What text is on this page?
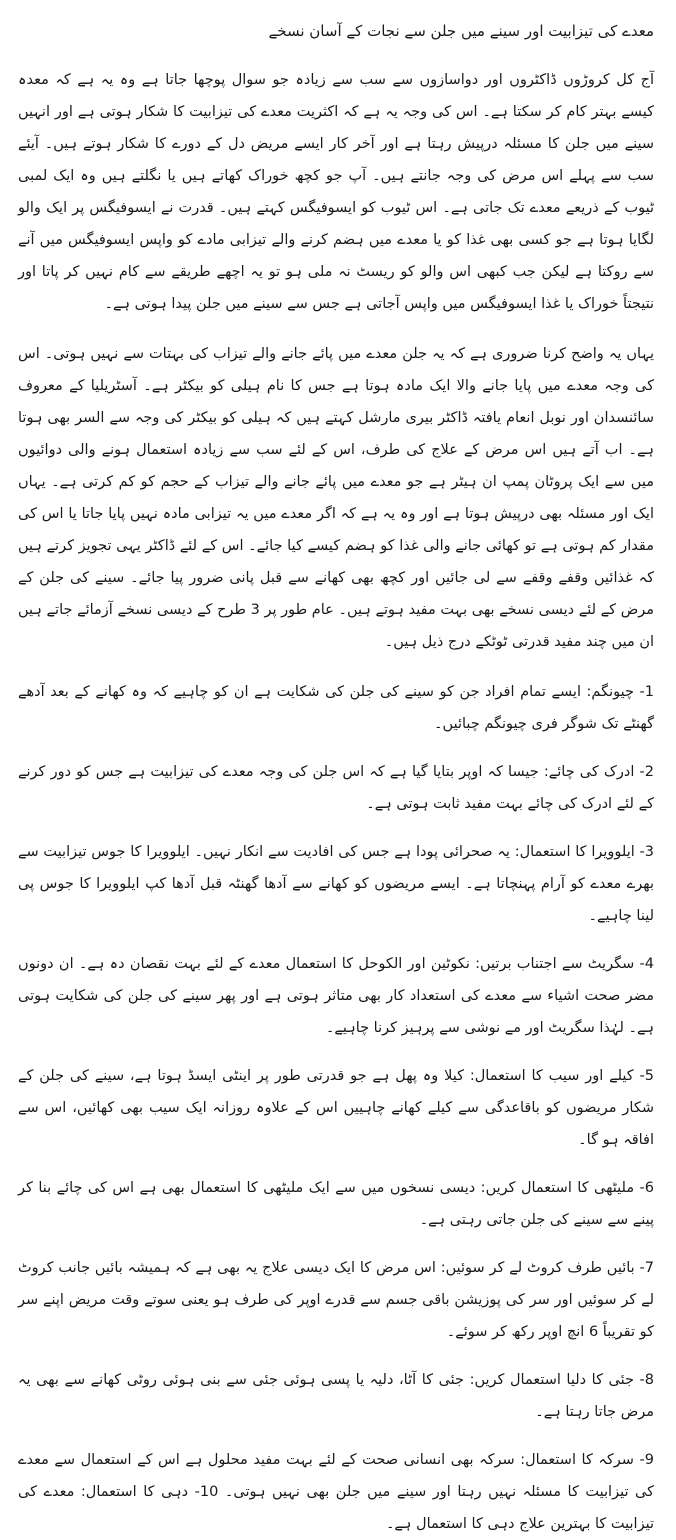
معدے کی تیزابیت اور سینے میں جلن سے نجات کے آسان نسخے

آج کل کروڑوں ڈاکٹروں اور دواسازوں سے سب سے زیادہ جو سوال پوچھا جاتا ہے وہ یہ ہے کہ معدہ کیسے بہتر کام کر سکتا ہے۔ اس کی وجہ یہ ہے کہ اکثریت معدے کی تیزابیت کا شکار ہوتی ہے اور انہیں سینے میں جلن کا مسئلہ درپیش رہتا ہے اور آخر کار ایسے مریض دل کے دورے کا شکار ہوتے ہیں۔ آیئے سب سے پہلے اس مرض کی وجہ جانتے ہیں۔ آپ جو کچھ خوراک کھاتے ہیں یا نگلتے ہیں وہ ایک لمبی ٹیوب کے ذریعے معدے تک جاتی ہے۔ اس ٹیوب کو ایسوفیگس کہتے ہیں۔ قدرت نے ایسوفیگس پر ایک والو لگایا ہوتا ہے جو کسی بھی غذا کو یا معدے میں ہضم کرنے والے تیزابی مادے کو واپس ایسوفیگس میں آنے سے روکتا ہے لیکن جب کبھی اس والو کو ریسٹ نہ ملی ہو تو یہ اچھے طریقے سے کام نہیں کر پاتا اور نتیجتاً خوراک یا غذا ایسوفیگس میں واپس آجاتی ہے جس سے سینے میں جلن پیدا ہوتی ہے۔

یہاں یہ واضح کرنا ضروری ہے کہ یہ جلن معدے میں پائے جانے والے تیزاب کی بہتات سے نہیں ہوتی۔ اس کی وجہ معدے میں پایا جانے والا ایک مادہ ہوتا ہے جس کا نام ہیلی کو بیکٹر ہے۔ آسٹریلیا کے معروف سائنسدان اور نوبل انعام یافتہ ڈاکٹر بیری مارشل کہتے ہیں کہ ہیلی کو بیکٹر کی وجہ سے السر بھی ہوتا ہے۔ اب آتے ہیں اس مرض کے علاج کی طرف، اس کے لئے سب سے زیادہ استعمال ہونے والی دوائیوں میں سے ایک پروٹان پمپ ان ہیٹر ہے جو معدے میں پائے جانے والے تیزاب کے حجم کو کم کرتی ہے۔ یہاں ایک اور مسئلہ بھی درپیش ہوتا ہے اور وہ یہ ہے کہ اگر معدے میں یہ تیزابی مادہ نہیں پایا جاتا یا اس کی مقدار کم ہوتی ہے تو کھائی جانے والی غذا کو ہضم کیسے کیا جائے۔ اس کے لئے ڈاکٹر یہی تجویز کرتے ہیں کہ غذائیں وقفے وقفے سے لی جائیں اور کچھ بھی کھانے سے قبل پانی ضرور پیا جائے۔ سینے کی جلن کے مرض کے لئے دیسی نسخے بھی بہت مفید ہوتے ہیں۔ عام طور پر 3 طرح کے دیسی نسخے آزمائے جاتے ہیں ان میں چند مفید قدرتی ٹوٹکے درج ذیل ہیں۔

1- چیونگم: ایسے تمام افراد جن کو سینے کی جلن کی شکایت ہے ان کو چاہیے کہ وہ کھانے کے بعد آدھے گھنٹے تک شوگر فری چیونگم چبائیں۔

2- ادرک کی چائے: جیسا کہ اوپر بتایا گیا ہے کہ اس جلن کی وجہ معدے کی تیزابیت ہے جس کو دور کرنے کے لئے ادرک کی چائے بہت مفید ثابت ہوتی ہے۔

3- ایلوویرا کا استعمال: یہ صحرائی پودا ہے جس کی افادیت سے انکار نہیں۔ ایلوویرا کا جوس تیزابیت سے بھرے معدے کو آرام پہنچاتا ہے۔ ایسے مریضوں کو کھانے سے آدھا گھنٹہ قبل آدھا کپ ایلوویرا کا جوس پی لینا چاہیے۔

4- سگریٹ سے اجتناب برتیں: نکوٹین اور الکوحل کا استعمال معدے کے لئے بہت نقصان دہ ہے۔ ان دونوں مضر صحت اشیاء سے معدے کی استعداد کار بھی متاثر ہوتی ہے اور پھر سینے کی جلن کی شکایت ہوتی ہے۔ لہٰذا سگریٹ اور مے نوشی سے پرہیز کرنا چاہیے۔

5- کیلے اور سیب کا استعمال: کیلا وہ پھل ہے جو قدرتی طور پر اینٹی ایسڈ ہوتا ہے، سینے کی جلن کے شکار مریضوں کو باقاعدگی سے کیلے کھانے چاہییں اس کے علاوہ روزانہ ایک سیب بھی کھائیں، اس سے افاقہ ہو گا۔

6- ملیٹھی کا استعمال کریں: دیسی نسخوں میں سے ایک ملیٹھی کا استعمال بھی ہے اس کی چائے بنا کر پینے سے سینے کی جلن جاتی رہتی ہے۔

7- بائیں طرف کروٹ لے کر سوئیں: اس مرض کا ایک دیسی علاج یہ بھی ہے کہ ہمیشہ بائیں جانب کروٹ لے کر سوئیں اور سر کی پوزیشن باقی جسم سے قدرے اوپر کی طرف ہو یعنی سوتے وقت مریض اپنے سر کو تقریباً 6 انچ اوپر رکھ کر سوئے۔

8- جئی کا دلیا استعمال کریں: جئی کا آٹا، دلیہ یا پسی ہوئی جئی سے بنی ہوئی روٹی کھانے سے بھی یہ مرض جاتا رہتا ہے۔

9- سرکہ کا استعمال: سرکہ بھی انسانی صحت کے لئے بہت مفید محلول ہے اس کے استعمال سے معدے کی تیزابیت کا مسئلہ نہیں رہتا اور سینے میں جلن بھی نہیں ہوتی۔ 10- دہی کا استعمال: معدے کی تیزابیت کا بہترین علاج دہی کا استعمال ہے۔
